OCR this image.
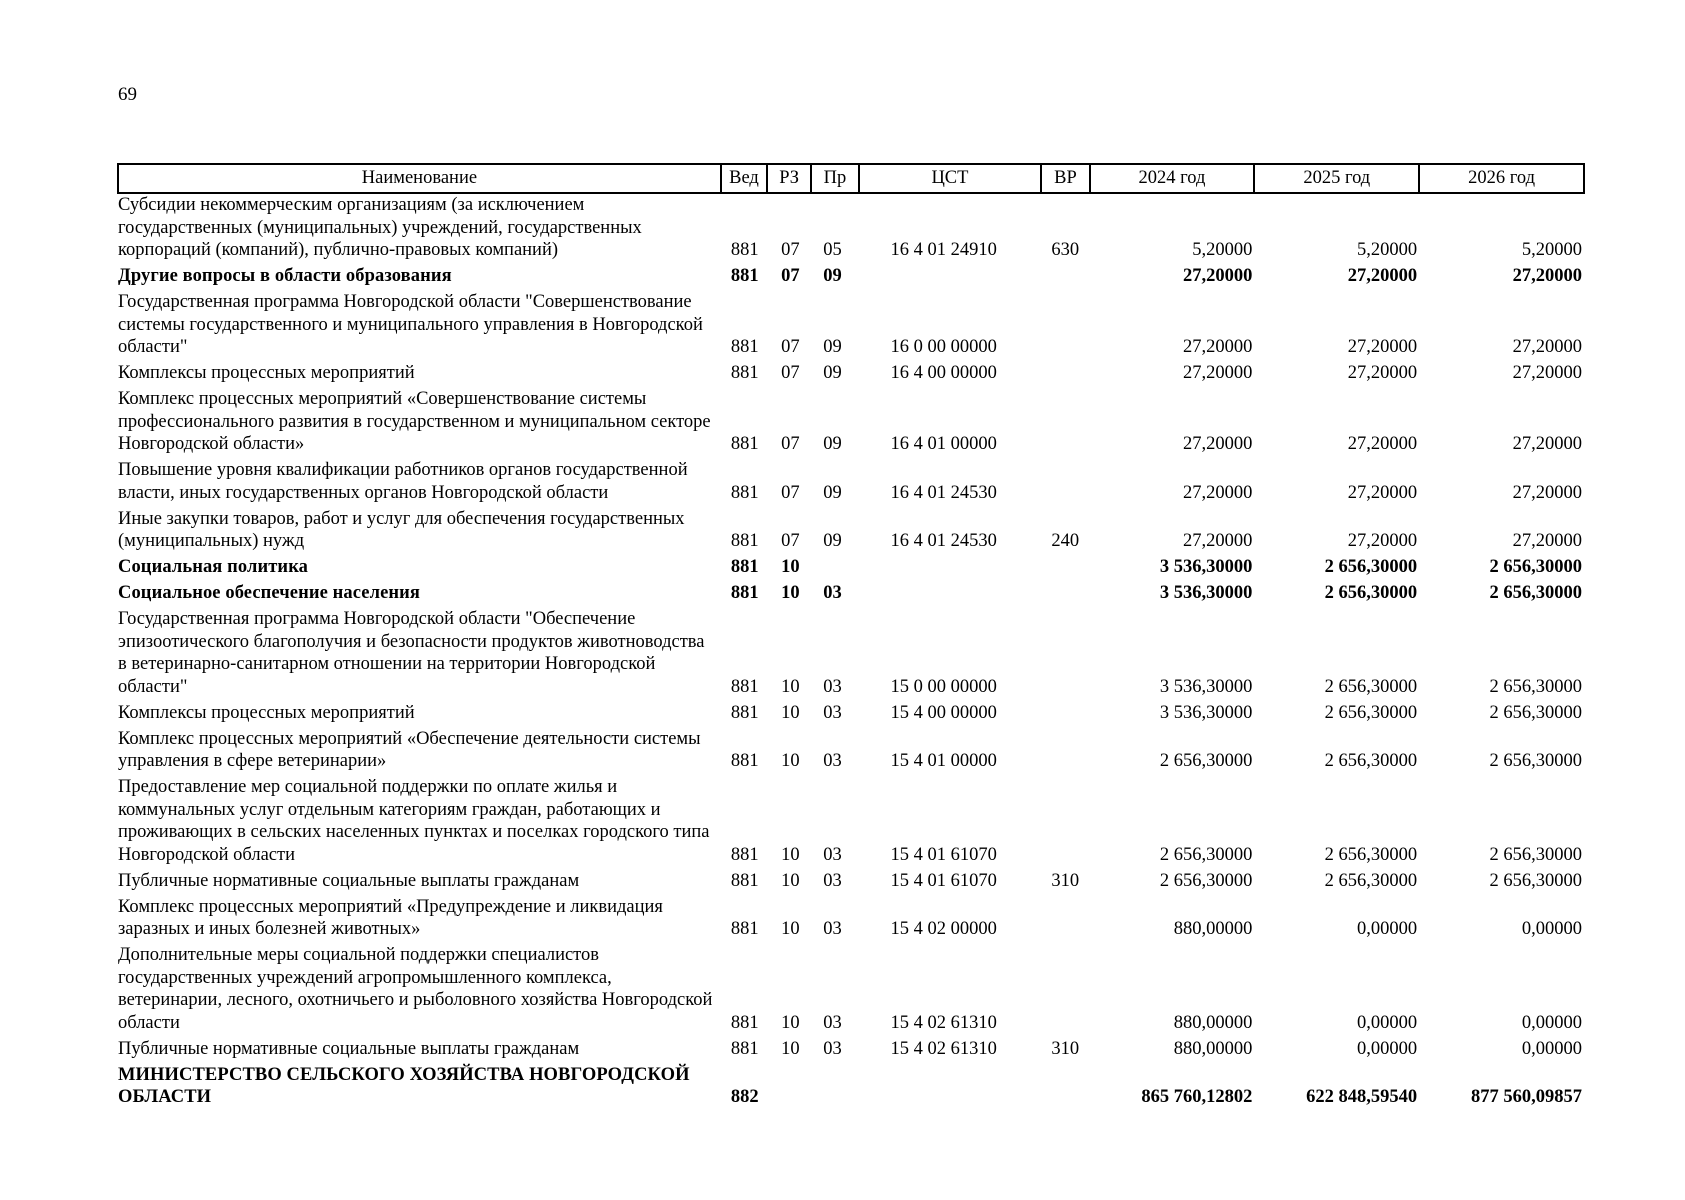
69
Наименование	Вед	РЗ	Пр	ЦСТ	ВР	2024 год	2025 год	2026 год
Субсидии некоммерческим организациям (за исключением государственных (муниципальных) учреждений, государственных корпораций (компаний), публично-правовых компаний)	881	07	05	16 4 01 24910	630	5,20000	5,20000	5,20000
Другие вопросы в области образования	881	07	09			27,20000	27,20000	27,20000
Государственная программа Новгородской области "Совершенствование системы государственного и муниципального управления в Новгородской области"	881	07	09	16 0 00 00000		27,20000	27,20000	27,20000
Комплексы процессных мероприятий	881	07	09	16 4 00 00000		27,20000	27,20000	27,20000
Комплекс процессных мероприятий «Совершенствование системы профессионального развития в государственном и муниципальном секторе Новгородской области»	881	07	09	16 4 01 00000		27,20000	27,20000	27,20000
Повышение уровня квалификации работников органов государственной власти, иных государственных органов Новгородской области	881	07	09	16 4 01 24530		27,20000	27,20000	27,20000
Иные закупки товаров, работ и услуг для обеспечения государственных (муниципальных) нужд	881	07	09	16 4 01 24530	240	27,20000	27,20000	27,20000
Социальная политика	881	10				3 536,30000	2 656,30000	2 656,30000
Социальное обеспечение населения	881	10	03			3 536,30000	2 656,30000	2 656,30000
Государственная программа Новгородской области "Обеспечение эпизоотического благополучия и безопасности продуктов животноводства в ветеринарно-санитарном отношении на территории Новгородской области"	881	10	03	15 0 00 00000		3 536,30000	2 656,30000	2 656,30000
Комплексы процессных мероприятий	881	10	03	15 4 00 00000		3 536,30000	2 656,30000	2 656,30000
Комплекс процессных мероприятий «Обеспечение деятельности системы управления в сфере ветеринарии»	881	10	03	15 4 01 00000		2 656,30000	2 656,30000	2 656,30000
Предоставление мер социальной поддержки по оплате жилья и коммунальных услуг отдельным категориям граждан, работающих и проживающих в сельских населенных пунктах и поселках городского типа Новгородской области	881	10	03	15 4 01 61070		2 656,30000	2 656,30000	2 656,30000
Публичные нормативные социальные выплаты гражданам	881	10	03	15 4 01 61070	310	2 656,30000	2 656,30000	2 656,30000
Комплекс процессных мероприятий «Предупреждение и ликвидация заразных и иных болезней животных»	881	10	03	15 4 02 00000		880,00000	0,00000	0,00000
Дополнительные меры социальной поддержки специалистов государственных учреждений агропромышленного комплекса, ветеринарии, лесного, охотничьего и рыболовного хозяйства Новгородской области	881	10	03	15 4 02 61310		880,00000	0,00000	0,00000
Публичные нормативные социальные выплаты гражданам	881	10	03	15 4 02 61310	310	880,00000	0,00000	0,00000
МИНИСТЕРСТВО СЕЛЬСКОГО ХОЗЯЙСТВА НОВГОРОДСКОЙ ОБЛАСТИ	882					865 760,12802	622 848,59540	877 560,09857
